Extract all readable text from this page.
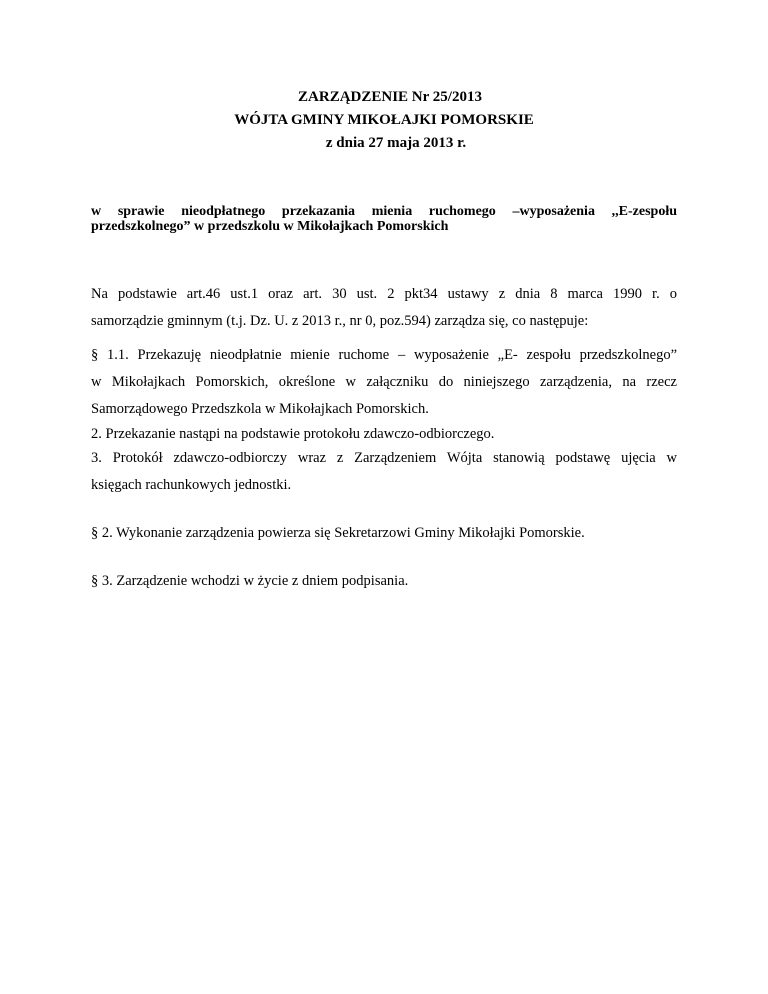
ZARZĄDZENIE Nr 25/2013
WÓJTA GMINY MIKOŁAJKI POMORSKIE
z dnia 27 maja 2013 r.
w sprawie nieodpłatnego przekazania mienia ruchomego –wyposażenia ,,E-zespołu
przedszkolnego” w przedszkolu w Mikołajkach Pomorskich
Na podstawie art.46 ust.1 oraz art. 30 ust. 2 pkt34 ustawy z dnia 8 marca 1990 r. o
samorządzie gminnym (t.j. Dz. U. z 2013 r., nr 0, poz.594) zarządza się, co następuje:
§ 1.1. Przekazuję nieodpłatnie mienie ruchome – wyposażenie „E- zespołu przedszkolnego”
w Mikołajkach Pomorskich, określone w załączniku do niniejszego zarządzenia, na rzecz
Samorządowego Przedszkola w Mikołajkach Pomorskich.
2. Przekazanie nastąpi na podstawie protokołu zdawczo-odbiorczego.
3. Protokół zdawczo-odbiorczy wraz z Zarządzeniem Wójta stanowią podstawę ujęcia w
księgach rachunkowych jednostki.
§ 2. Wykonanie zarządzenia powierza się Sekretarzowi Gminy Mikołajki Pomorskie.
§ 3. Zarządzenie wchodzi w życie z dniem podpisania.
